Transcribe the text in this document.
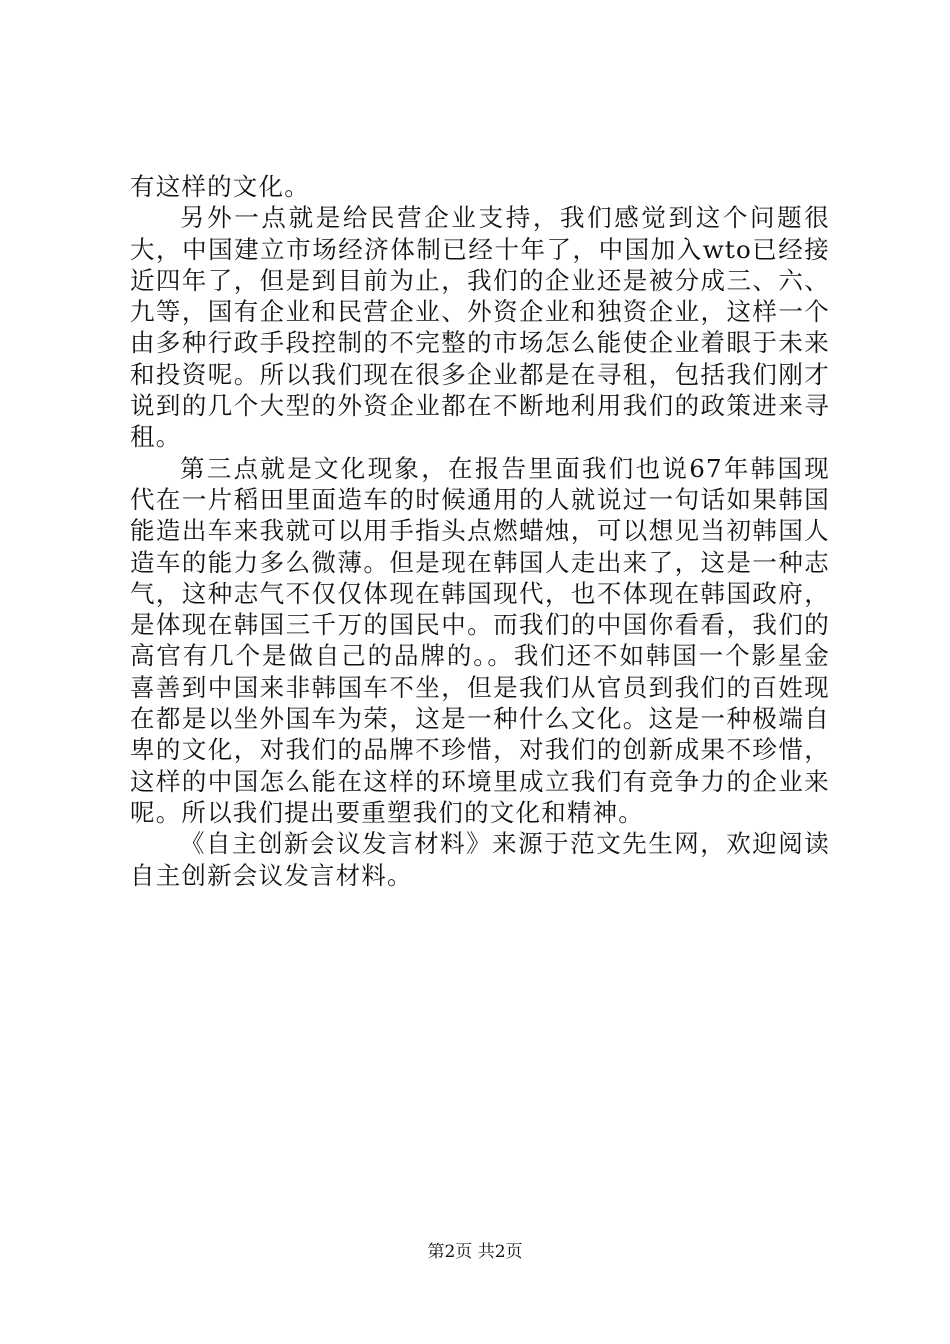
有这样的文化。

另外一点就是给民营企业支持，我们感觉到这个问题很大，中国建立市场经济体制已经十年了，中国加入wto已经接近四年了，但是到目前为止，我们的企业还是被分成三、六、九等，国有企业和民营企业、外资企业和独资企业，这样一个由多种行政手段控制的不完整的市场怎么能使企业着眼于未来和投资呢。所以我们现在很多企业都是在寻租，包括我们刚才说到的几个大型的外资企业都在不断地利用我们的政策进来寻租。

第三点就是文化现象，在报告里面我们也说67年韩国现代在一片稻田里面造车的时候通用的人就说过一句话如果韩国能造出车来我就可以用手指头点燃蜡烛，可以想见当初韩国人造车的能力多么微薄。但是现在韩国人走出来了，这是一种志气，这种志气不仅仅体现在韩国现代，也不体现在韩国政府，是体现在韩国三千万的国民中。而我们的中国你看看，我们的高官有几个是做自己的品牌的。。我们还不如韩国一个影星金喜善到中国来非韩国车不坐，但是我们从官员到我们的百姓现在都是以坐外国车为荣，这是一种什么文化。这是一种极端自卑的文化，对我们的品牌不珍惜，对我们的创新成果不珍惜，这样的中国怎么能在这样的环境里成立我们有竞争力的企业来呢。所以我们提出要重塑我们的文化和精神。

《自主创新会议发言材料》来源于范文先生网，欢迎阅读自主创新会议发言材料。

第2页 共2页
